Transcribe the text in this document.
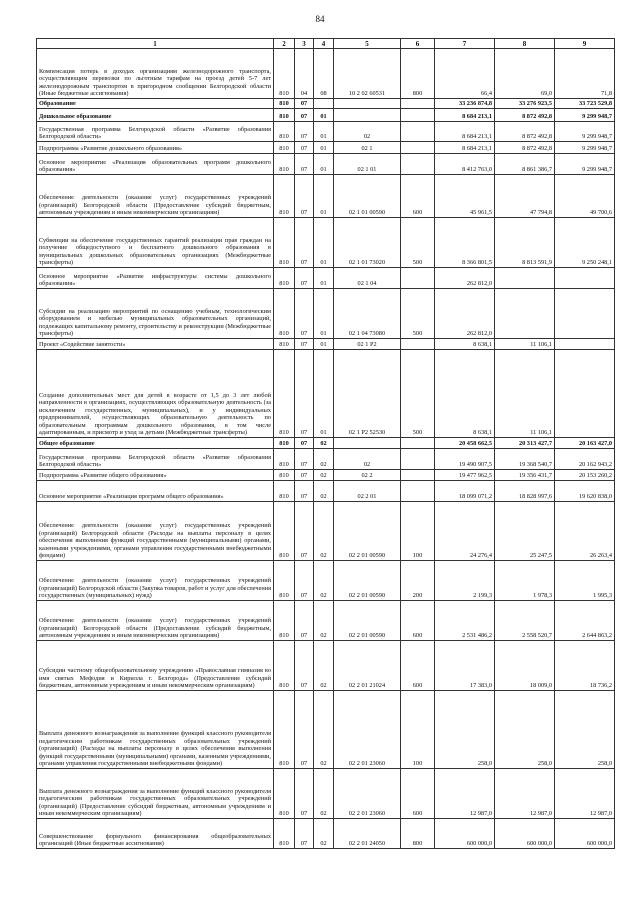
84
1	2	3	4	5	6	7	8	9
Компенсация потерь в доходах организациям железнодорожного транспорта, осуществляющим перевозки по льготным тарифам на проезд детей 5-7 лет железнодорожным транспортом в пригородном сообщении Белгородской области (Иные бюджетные ассигнования)	810	04	08	10 2 02 60531	800	66,4	69,0	71,8
Образование	810	07				33 236 874,8	33 276 923,5	33 723 529,8
Дошкольное образование	810	07	01			8 684 213,1	8 872 492,8	9 299 948,7
Государственная программа Белгородской области «Развитие образования Белгородской области»	810	07	01	02		8 684 213,1	8 872 492,8	9 299 948,7
Подпрограмма «Развитие дошкольного образования»	810	07	01	02 1		8 684 213,1	8 872 492,8	9 299 948,7
Основное мероприятие «Реализация образовательных программ дошкольного образования»	810	07	01	02 1 01		8 412 763,0	8 861 386,7	9 299 948,7
Обеспечение деятельности (оказание услуг) государственных учреждений (организаций) Белгородской области (Предоставление субсидий бюджетным, автономным учреждениям и иным некоммерческим организациям)	810	07	01	02 1 01 00590	600	45 961,5	47 794,8	49 700,6
Субвенции на обеспечение государственных гарантий реализации прав граждан на получение общедоступного и бесплатного дошкольного образования в муниципальных дошкольных образовательных организациях (Межбюджетные трансферты)	810	07	01	02 1 01 73020	500	8 366 801,5	8 813 591,9	9 250 248,1
Основное мероприятие «Развитие инфраструктуры системы дошкольного образования»	810	07	01	02 1 04		262 812,0		
Субсидии на реализацию мероприятий по оснащению учебным, технологическим оборудованием и мебелью муниципальных образовательных организаций, подлежащих капитальному ремонту, строительству и реконструкции (Межбюджетные трансферты)	810	07	01	02 1 04 73080	500	262 812,0		
Проект «Содействие занятости»	810	07	01	02 1 P2		8 638,1	11 106,1	
Создание дополнительных мест для детей в возрасте от 1,5 до 3 лет любой направленности в организациях, осуществляющих образовательную деятельность (за исключением государственных, муниципальных), и у индивидуальных предпринимателей, осуществляющих образовательную деятельность по образовательным программам дошкольного образования, в том числе адаптированным, и присмотр и уход за детьми (Межбюджетные трансферты)	810	07	01	02 1 P2 52530	500	8 638,1	11 106,1	
Общее образование	810	07	02			20 458 662,5	20 313 427,7	20 163 427,0
Государственная программа Белгородской области «Развитие образования Белгородской области»	810	07	02	02		19 490 907,5	19 368 540,7	20 162 943,2
Подпрограмма «Развитие общего образования»	810	07	02	02 2		19 477 962,5	19 356 431,7	20 153 260,2
Основное мероприятие «Реализация программ общего образования»	810	07	02	02 2 01		18 099 071,2	18 828 997,6	19 620 838,0
Обеспечение деятельности (оказание услуг) государственных учреждений (организаций) Белгородской области (Расходы на выплаты персоналу в целях обеспечения выполнения функций государственными (муниципальными) органами, казенными учреждениями, органами управления государственными внебюджетными фондами)	810	07	02	02 2 01 00590	100	24 276,4	25 247,5	26 263,4
Обеспечение деятельности (оказание услуг) государственных учреждений (организаций) Белгородской области (Закупка товаров, работ и услуг для обеспечения государственных (муниципальных) нужд)	810	07	02	02 2 01 00590	200	2 199,3	1 978,3	1 995,3
Обеспечение деятельности (оказание услуг) государственных учреждений (организаций) Белгородской области (Предоставление субсидий бюджетным, автономным учреждениям и иным некоммерческим организациям)	810	07	02	02 2 01 00590	600	2 531 486,2	2 558 520,7	2 644 863,2
Субсидии частному общеобразовательному учреждению «Православная гимназия во имя святых Мефодия и Кирилла г. Белгорода» (Предоставление субсидий бюджетным, автономным учреждениям и иным некоммерческим организациям)	810	07	02	02 2 01 21024	600	17 383,0	18 009,0	18 736,2
Выплата денежного вознаграждения за выполнение функций классного руководителя педагогическим работникам государственных образовательных учреждений (организаций) (Расходы на выплаты персоналу в целях обеспечения выполнения функций государственными (муниципальными) органами, казенными учреждениями, органами управления государственными внебюджетными фондами)	810	07	02	02 2 01 23060	100	258,0	258,0	258,0
Выплата денежного вознаграждения за выполнение функций классного руководителя педагогическим работникам государственных образовательных учреждений (организаций) (Предоставление субсидий бюджетным, автономным учреждениям и иным некоммерческим организациям)	810	07	02	02 2 01 23060	600	12 987,0	12 987,0	12 987,0
Совершенствование формульного финансирования общеобразовательных организаций (Иные бюджетные ассигнования)	810	07	02	02 2 01 24050	800	600 000,0	600 000,0	600 000,0
